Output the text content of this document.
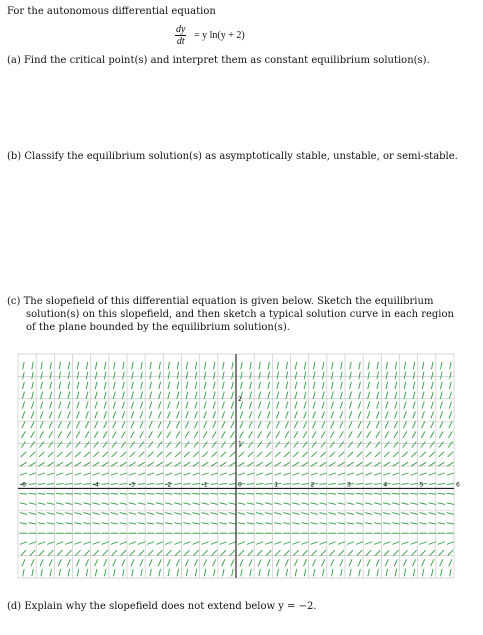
For the autonomous differential equation
$\frac{dy}{dt} = y$ ln(y + 2)
(a) Find the critical point(s) and interpret them as constant equilibrium solution(s).
(b) Classify the equilibrium solution(s) as asymptotically stable, unstable, or semi-stable.
(c) The slopefield of this differential equation is given below. Sketch the equilibrium
solution(s) on this slopefield, and then sketch a typical solution curve in each region
of the plane bounded by the equilibrium solution(s).
-6	-4	-3	-2	-1	0	1	2	3	4	5	6
1
2
(d) Explain why the slopefield does not extend below y = −2.
